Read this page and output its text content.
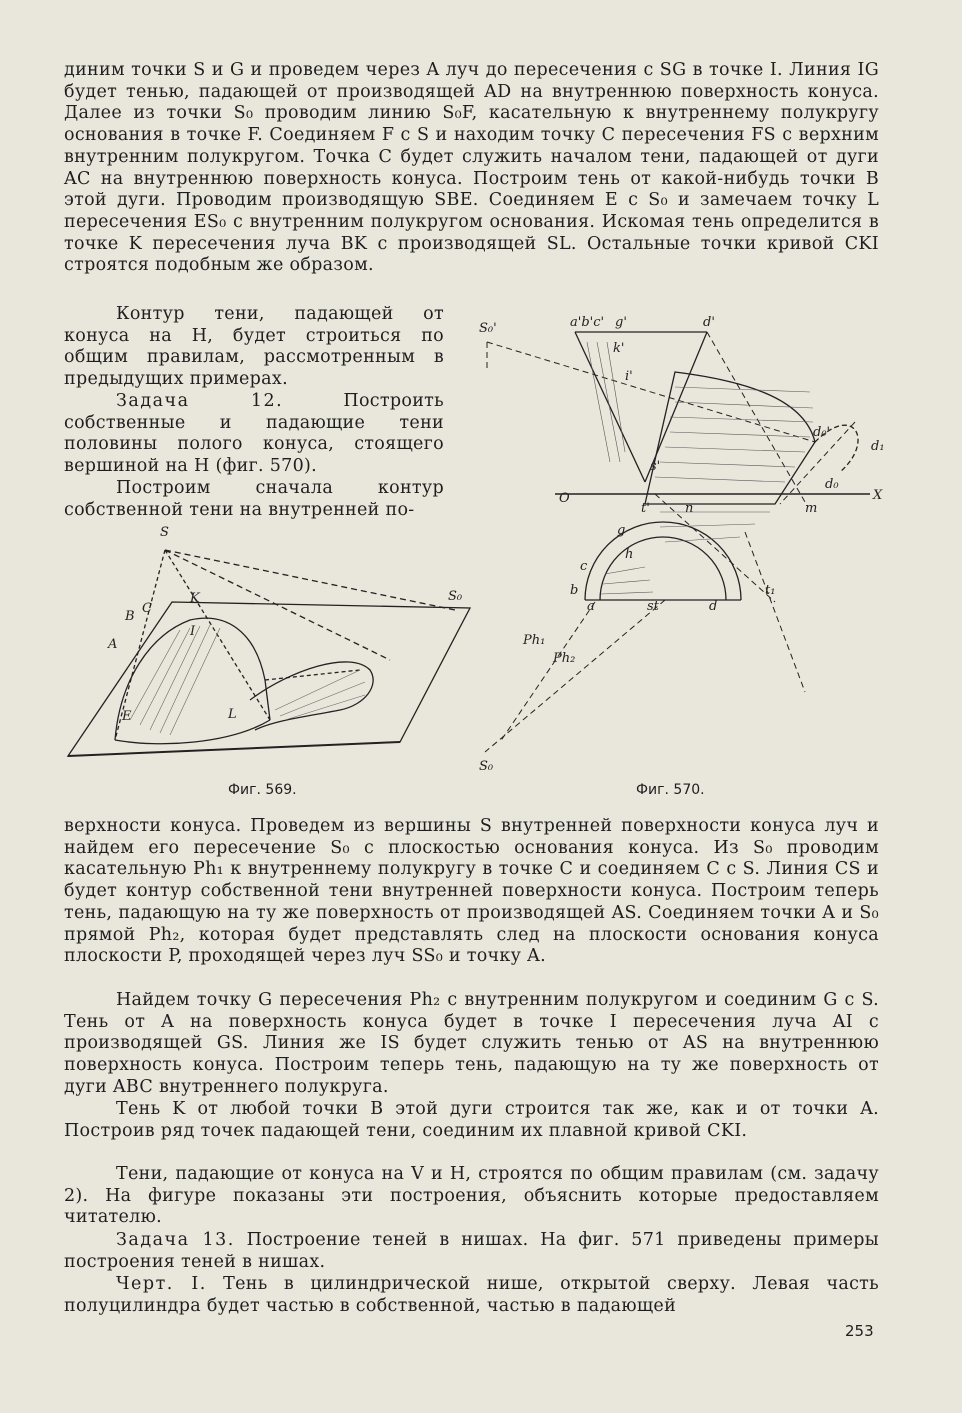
диним точки S и G и проведем через A луч до пересечения с SG в точке I. Линия IG будет тенью, падающей от производящей AD на внутреннюю поверхность конуса. Далее из точки S₀ проводим линию S₀F, касательную к внутреннему полукругу основания в точке F. Соединяем F с S и находим точку C пересечения FS с верхним внутренним полукругом. Точка C будет служить началом тени, падающей от дуги AC на внутреннюю поверхность конуса. Построим тень от какой-нибудь точки B этой дуги. Проводим производящую SBE. Соединяем E с S₀ и замечаем точку L пересечения ES₀ с внутренним полукругом основания. Искомая тень определится в точке K пересечения луча BK с производящей SL. Остальные точки кривой CKI строятся подобным же образом.

Контур тени, падающей от конуса на H, будет строиться по общим правилам, рассмотренным в предыдущих примерах.

Задача 12.	Построить собственные и падающие тени половины полого конуса, стоящего вершиной на H (фиг. 570).

Построим сначала контур собственной тени на внутренней по-

S
A
B
C
I
L
K
E
S₀
S₀'	a'b'c' g'	d'
k'
i'
s'
d₀'
d₁
d₀
O	X
t'	n	m
g
c
h
b
a	st	d
t₁
Ph₁
Ph₂
S₀
Фиг. 569.	Фиг. 570.

верхности конуса. Проведем из вершины S внутренней поверхности конуса луч и найдем его пересечение S₀ с плоскостью основания конуса. Из S₀ проводим касательную Ph₁ к внутреннему полукругу в точке C и соединяем C с S. Линия CS и будет контур собственной тени внутренней поверхности конуса. Построим теперь тень, падающую на ту же поверхность от производящей AS. Соединяем точки A и S₀ прямой Ph₂, которая будет представлять след на плоскости основания конуса плоскости P, проходящей через луч SS₀ и точку A.

Найдем точку G пересечения Ph₂ с внутренним полукругом и соединим G с S. Тень от A на поверхность конуса будет в точке I пересечения луча AI с производящей GS. Линия же IS будет служить тенью от AS на внутреннюю поверхность конуса. Построим теперь тень, падающую на ту же поверхность от дуги ABC внутреннего полукруга.

Тень K от любой точки B этой дуги строится так же, как и от точки A. Построив ряд точек падающей тени, соединим их плавной кривой CKI.

Тени, падающие от конуса на V и H, строятся по общим правилам (см. задачу 2). На фигуре показаны эти построения, объяснить которые предоставляем читателю.

Задача 13. Построение теней в нишах. На фиг. 571 приведены примеры построения теней в нишах.

Черт. I. Тень в цилиндрической нише, открытой сверху. Левая часть полуцилиндра будет частью в собственной, частью в падающей

253
